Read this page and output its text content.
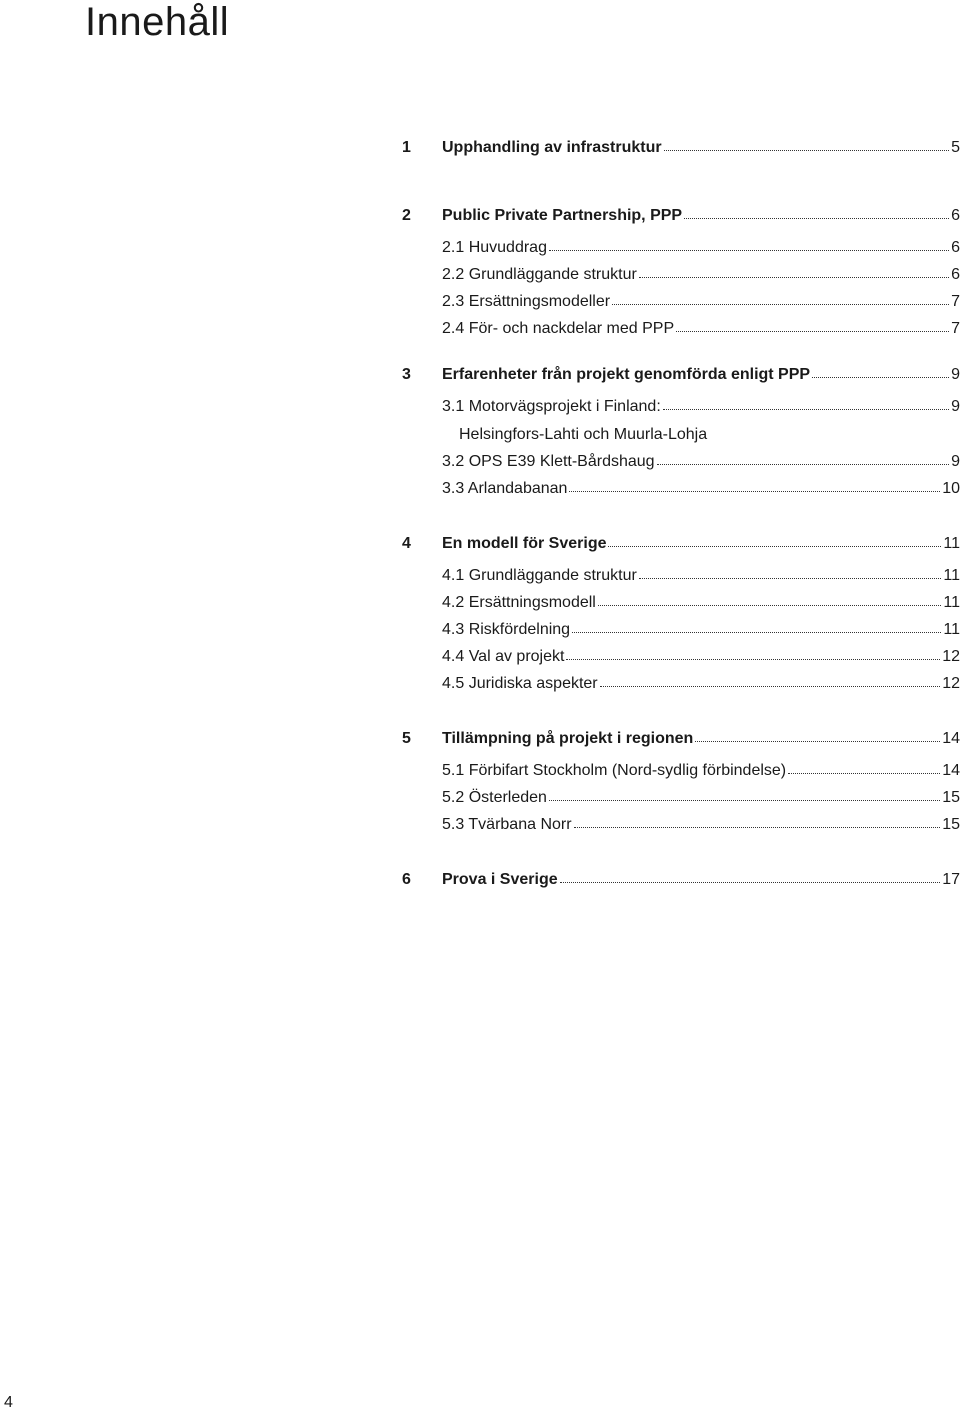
Innehåll
1	Upphandling av infrastruktur	5
2	Public Private Partnership, PPP	6
2.1 Huvuddrag	6
2.2 Grundläggande struktur	6
2.3 Ersättningsmodeller	7
2.4 För- och nackdelar med PPP	7
3	Erfarenheter från projekt genomförda enligt PPP	9
3.1 Motorvägsprojekt i Finland:	9
Helsingfors-Lahti och Muurla-Lohja
3.2 OPS E39 Klett-Bårdshaug	9
3.3 Arlandabanan	10
4	En modell för Sverige	11
4.1 Grundläggande struktur	11
4.2 Ersättningsmodell	11
4.3 Riskfördelning	11
4.4 Val av projekt	12
4.5 Juridiska aspekter	12
5	Tillämpning på projekt i regionen	14
5.1 Förbifart Stockholm (Nord-sydlig förbindelse)	14
5.2 Österleden	15
5.3 Tvärbana Norr	15
6	Prova i Sverige	17
4
